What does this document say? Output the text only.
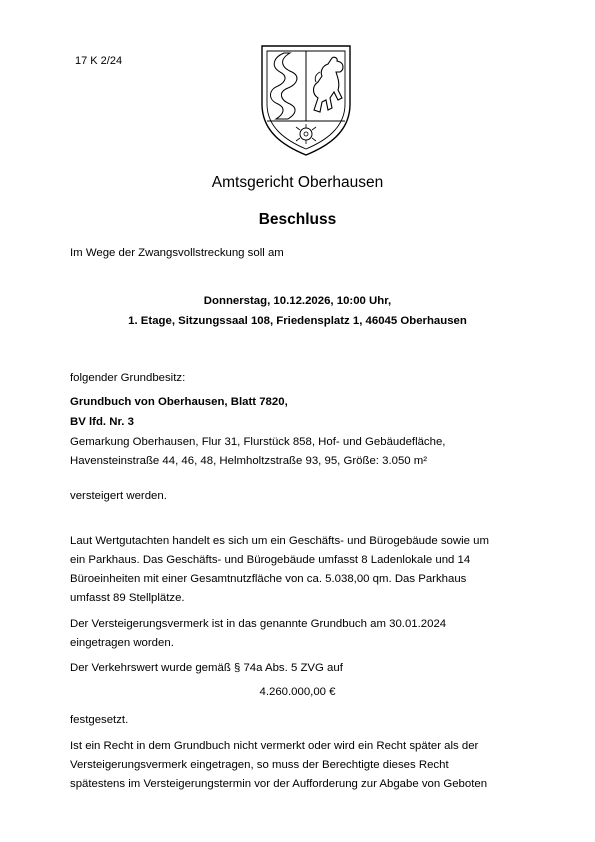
17 K 2/24
Amtsgericht Oberhausen
Beschluss
Im Wege der Zwangsvollstreckung soll am
Donnerstag, 10.12.2026, 10:00 Uhr,
1. Etage, Sitzungssaal 108, Friedensplatz 1, 46045 Oberhausen
folgender Grundbesitz:
Grundbuch von Oberhausen, Blatt 7820,
BV lfd. Nr. 3
Gemarkung Oberhausen, Flur 31, Flurstück 858, Hof- und Gebäudefläche,
Havensteinstraße 44, 46, 48, Helmholtzstraße 93, 95, Größe: 3.050 m²
versteigert werden.
Laut Wertgutachten handelt es sich um ein Geschäfts- und Bürogebäude sowie um
ein Parkhaus. Das Geschäfts- und Bürogebäude umfasst 8 Ladenlokale und 14
Büroeinheiten mit einer Gesamtnutzfläche von ca. 5.038,00 qm. Das Parkhaus
umfasst 89 Stellplätze.
Der Versteigerungsvermerk ist in das genannte Grundbuch am 30.01.2024
eingetragen worden.
Der Verkehrswert wurde gemäß § 74a Abs. 5 ZVG auf
4.260.000,00 €
festgesetzt.
Ist ein Recht in dem Grundbuch nicht vermerkt oder wird ein Recht später als der
Versteigerungsvermerk eingetragen, so muss der Berechtigte dieses Recht
spätestens im Versteigerungstermin vor der Aufforderung zur Abgabe von Geboten
